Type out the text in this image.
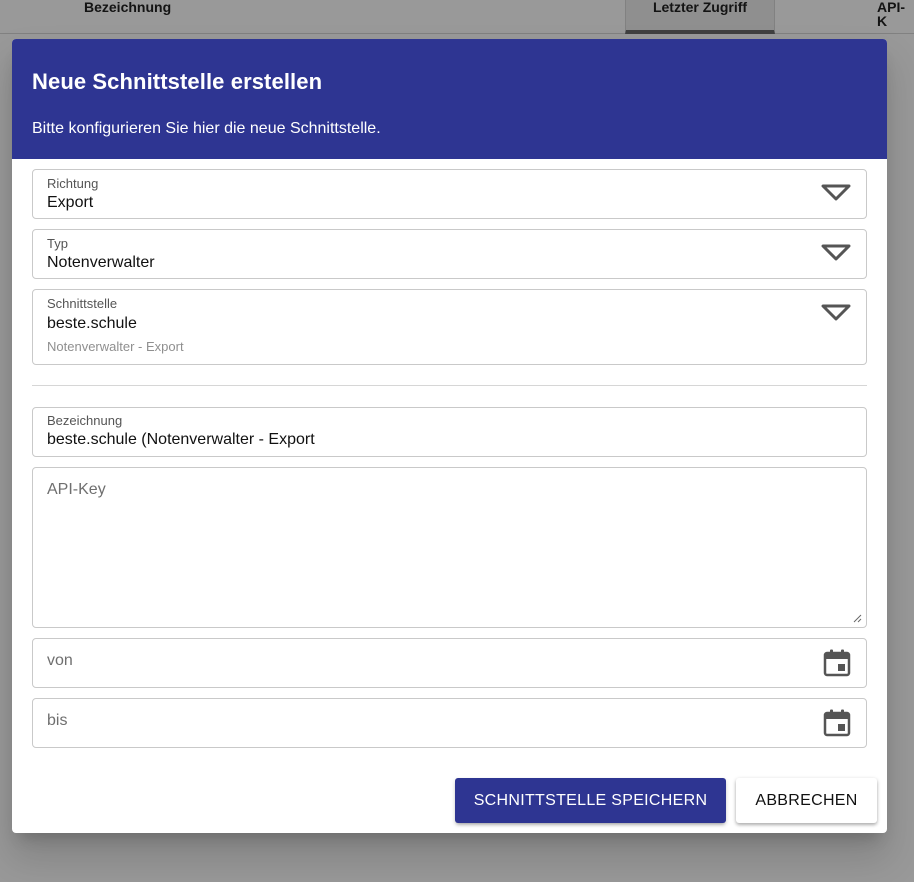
Bezeichnung	Letzter Zugriff	API-K
Neue Schnittstelle erstellen
Bitte konfigurieren Sie hier die neue Schnittstelle.
Richtung
Export
Typ
Notenverwalter
Schnittstelle
beste.schule
Notenverwalter - Export
Bezeichnung
beste.schule (Notenverwalter - Export
API-Key
von
bis
SCHNITTSTELLE SPEICHERN	ABBRECHEN
